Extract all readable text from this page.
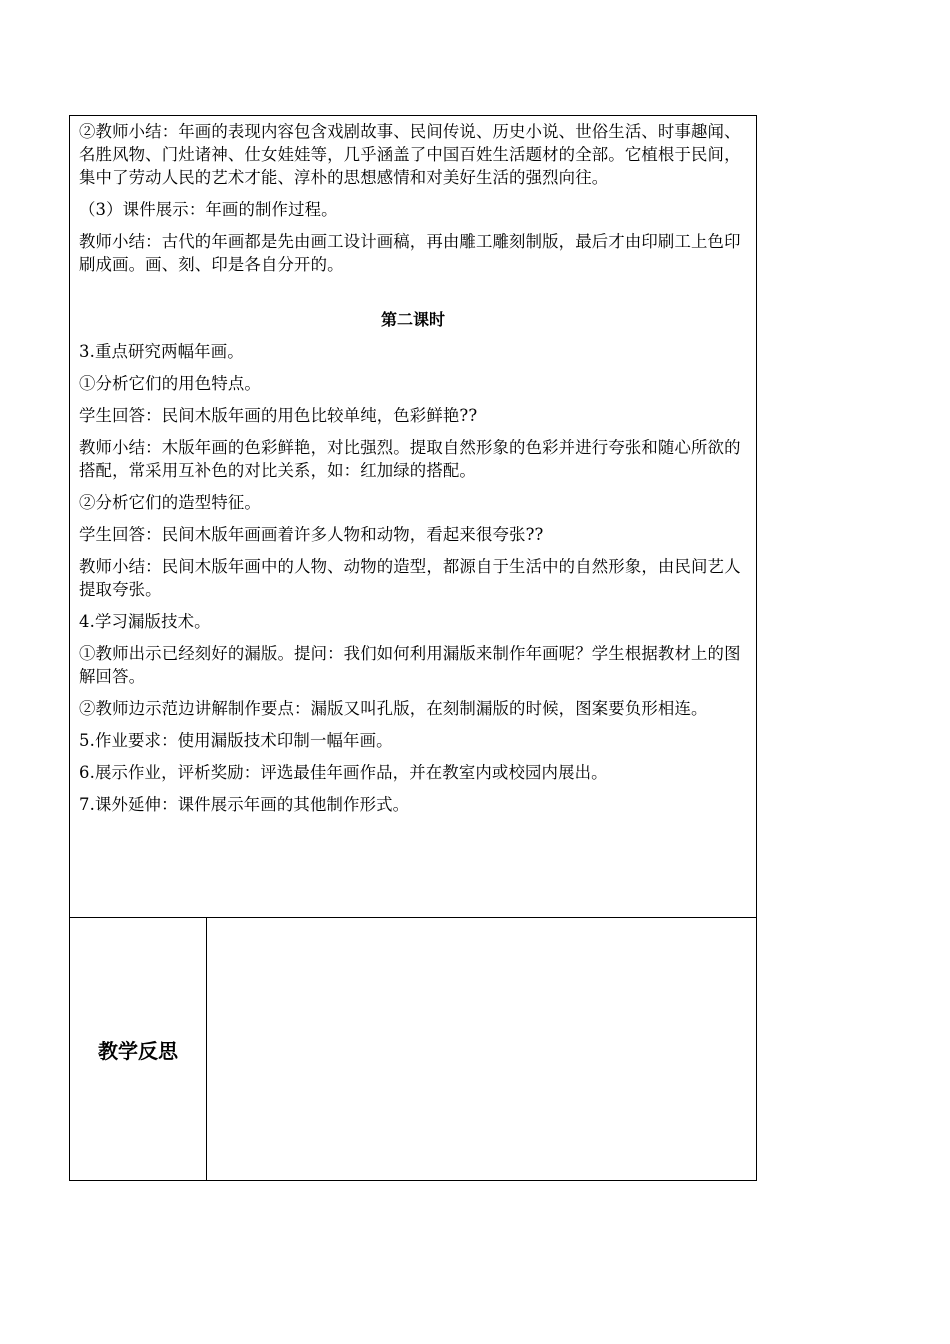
②教师小结：年画的表现内容包含戏剧故事、民间传说、历史小说、世俗生活、时事趣闻、名胜风物、门灶诸神、仕女娃娃等，几乎涵盖了中国百姓生活题材的全部。它植根于民间，集中了劳动人民的艺术才能、淳朴的思想感情和对美好生活的强烈向往。

（3）课件展示：年画的制作过程。

教师小结：古代的年画都是先由画工设计画稿，再由雕工雕刻制版，最后才由印刷工上色印刷成画。画、刻、印是各自分开的。

第二课时

3.重点研究两幅年画。

①分析它们的用色特点。

学生回答：民间木版年画的用色比较单纯，色彩鲜艳??

教师小结：木版年画的色彩鲜艳，对比强烈。提取自然形象的色彩并进行夸张和随心所欲的搭配，常采用互补色的对比关系，如：红加绿的搭配。

②分析它们的造型特征。

学生回答：民间木版年画画着许多人物和动物，看起来很夸张??

教师小结：民间木版年画中的人物、动物的造型，都源自于生活中的自然形象，由民间艺人提取夸张。

4.学习漏版技术。

①教师出示已经刻好的漏版。提问：我们如何利用漏版来制作年画呢？学生根据教材上的图解回答。

②教师边示范边讲解制作要点：漏版又叫孔版，在刻制漏版的时候，图案要负形相连。

5.作业要求：使用漏版技术印制一幅年画。

6.展示作业，评析奖励：评选最佳年画作品，并在教室内或校园内展出。

7.课外延伸：课件展示年画的其他制作形式。

教学反思
